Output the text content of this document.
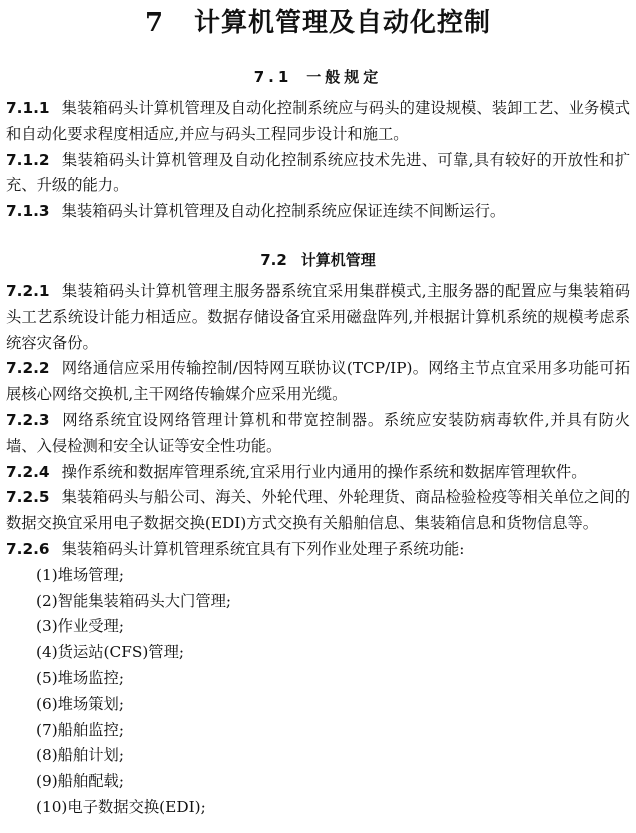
7 计算机管理及自动化控制
7.1 一般规定

7.1.1 集装箱码头计算机管理及自动化控制系统应与码头的建设规模、装卸工艺、业务模式和自动化要求程度相适应,并应与码头工程同步设计和施工。

7.1.2 集装箱码头计算机管理及自动化控制系统应技术先进、可靠,具有较好的开放性和扩充、升级的能力。

7.1.3 集装箱码头计算机管理及自动化控制系统应保证连续不间断运行。

7.2 计算机管理

7.2.1 集装箱码头计算机管理主服务器系统宜采用集群模式,主服务器的配置应与集装箱码头工艺系统设计能力相适应。数据存储设备宜采用磁盘阵列,并根据计算机系统的规模考虑系统容灾备份。

7.2.2 网络通信应采用传输控制/因特网互联协议(TCP/IP)。网络主节点宜采用多功能可拓展核心网络交换机,主干网络传输媒介应采用光缆。

7.2.3 网络系统宜设网络管理计算机和带宽控制器。系统应安装防病毒软件,并具有防火墙、入侵检测和安全认证等安全性功能。

7.2.4 操作系统和数据库管理系统,宜采用行业内通用的操作系统和数据库管理软件。

7.2.5 集装箱码头与船公司、海关、外轮代理、外轮理货、商品检验检疫等相关单位之间的数据交换宜采用电子数据交换(EDI)方式交换有关船舶信息、集装箱信息和货物信息等。

7.2.6 集装箱码头计算机管理系统宜具有下列作业处理子系统功能:

(1)堆场管理;
(2)智能集装箱码头大门管理;
(3)作业受理;
(4)货运站(CFS)管理;
(5)堆场监控;
(6)堆场策划;
(7)船舶监控;
(8)船舶计划;
(9)船舶配载;
(10)电子数据交换(EDI);
